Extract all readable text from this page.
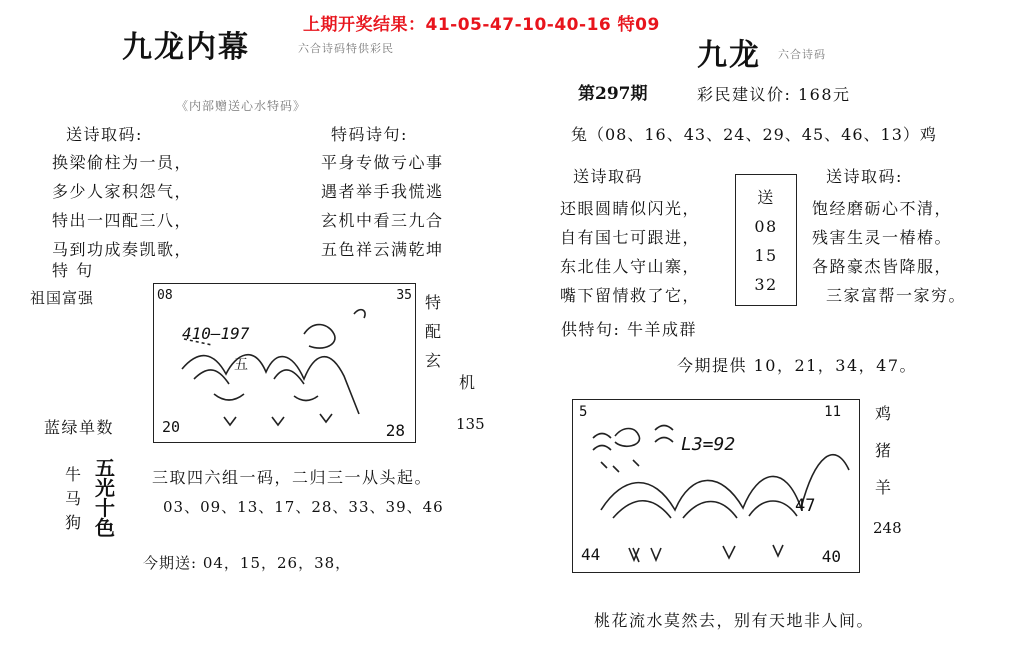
上期开奖结果：41-05-47-10-40-16 特09
九龙内幕	六合诗码特供彩民
《内部赠送心水特码》
送诗取码:
换梁偷柱为一员，
多少人家积怨气，
特出一四配三八，
马到功成奏凯歌，
特码诗句:
平身专做亏心事
遇者举手我慌逃
玄机中看三九合
五色祥云满乾坤
特 句
祖国富强	08	35
20	28
410—197
五
特
配
玄
机
蓝绿单数	135
牛
马
狗
五
光
十
色
三取四六组一码，二归三一从头起。
03、09、13、17、28、33、39、46
今期送: 04，15，26，38，
九龙 六合诗码
第297期	彩民建议价: 168元
兔（08、16、43、24、29、45、46、13）鸡
送诗取码
还眼圆睛似闪光，
自有国七可跟进，
东北佳人守山寨，
嘴下留情救了它，
送
08
15
32
送诗取码:
饱经磨砺心不清，
残害生灵一椿椿。
各路豪杰皆降服，
三家富帮一家穷。
供特句: 牛羊成群
今期提供 10，21，34，47。
5	11
44	40
L3=92
47
鸡
猪
羊
248
桃花流水莫然去，别有天地非人间。
